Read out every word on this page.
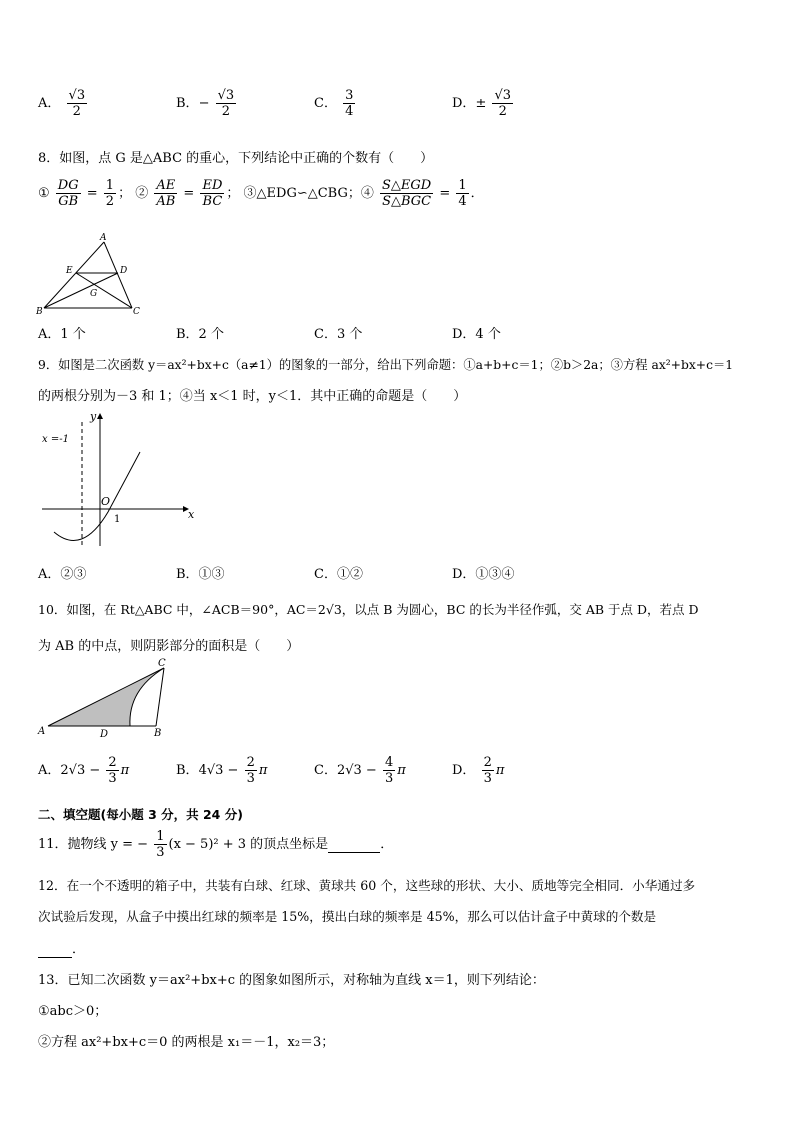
A． $\frac{√3}{2}$	B．− $\frac{√3}{2}$	C． $\frac{3}{4}$	D．± $\frac{√3}{2}$
8．如图，点 G 是△ABC 的重心，下列结论中正确的个数有（　　）
① $\frac{DG}{GB} = \frac{1}{2}$ ； ② $\frac{AE}{AB} = \frac{ED}{BC}$ ； ③△EDG∽△CBG；④ $\frac{\text{S△EGD}}{\text{S△BGC}} = \frac{1}{4}$ ．
A
E	D
G
B	C
A．1 个	B．2 个	C．3 个	D．4 个
9．如图是二次函数 y＝ax²+bx+c（a≠1）的图象的一部分，给出下列命题：①a+b+c＝1；②b＞2a；③方程 ax²+bx+c＝1
的两根分别为－3 和 1；④当 x＜1 时，y＜1．其中正确的命题是（　　）
y
x
O
1
x =-1
A．②③	B．①③	C．①②	D．①③④
10．如图，在 Rt△ABC 中，∠ACB＝90°，AC＝2√3，以点 B 为圆心，BC 的长为半径作弧，交 AB 于点 D，若点 D
为 AB 的中点，则阴影部分的面积是（　　）
C
A	D	B
A．$2√3 - \frac{2}{3}$ π	B．$4√3 - \frac{2}{3}$ π	C．$2√3 - \frac{4}{3}$ π	D． $\frac{2}{3}$ π
二、填空题(每小题 3 分，共 24 分)
11．抛物线 y = − $\frac{1}{3} (x - 5)^2 + 3$ 的顶点坐标是	．
12．在一个不透明的箱子中，共装有白球、红球、黄球共 60 个，这些球的形状、大小、质地等完全相同．小华通过多
次试验后发现，从盒子中摸出红球的频率是 15%，摸出白球的频率是 45%，那么可以估计盒子中黄球的个数是
．
13．已知二次函数 y＝ax²+bx+c 的图象如图所示，对称轴为直线 x＝1，则下列结论：
①abc＞0；
②方程 ax²+bx+c＝0 的两根是 x₁＝－1，x₂＝3；
